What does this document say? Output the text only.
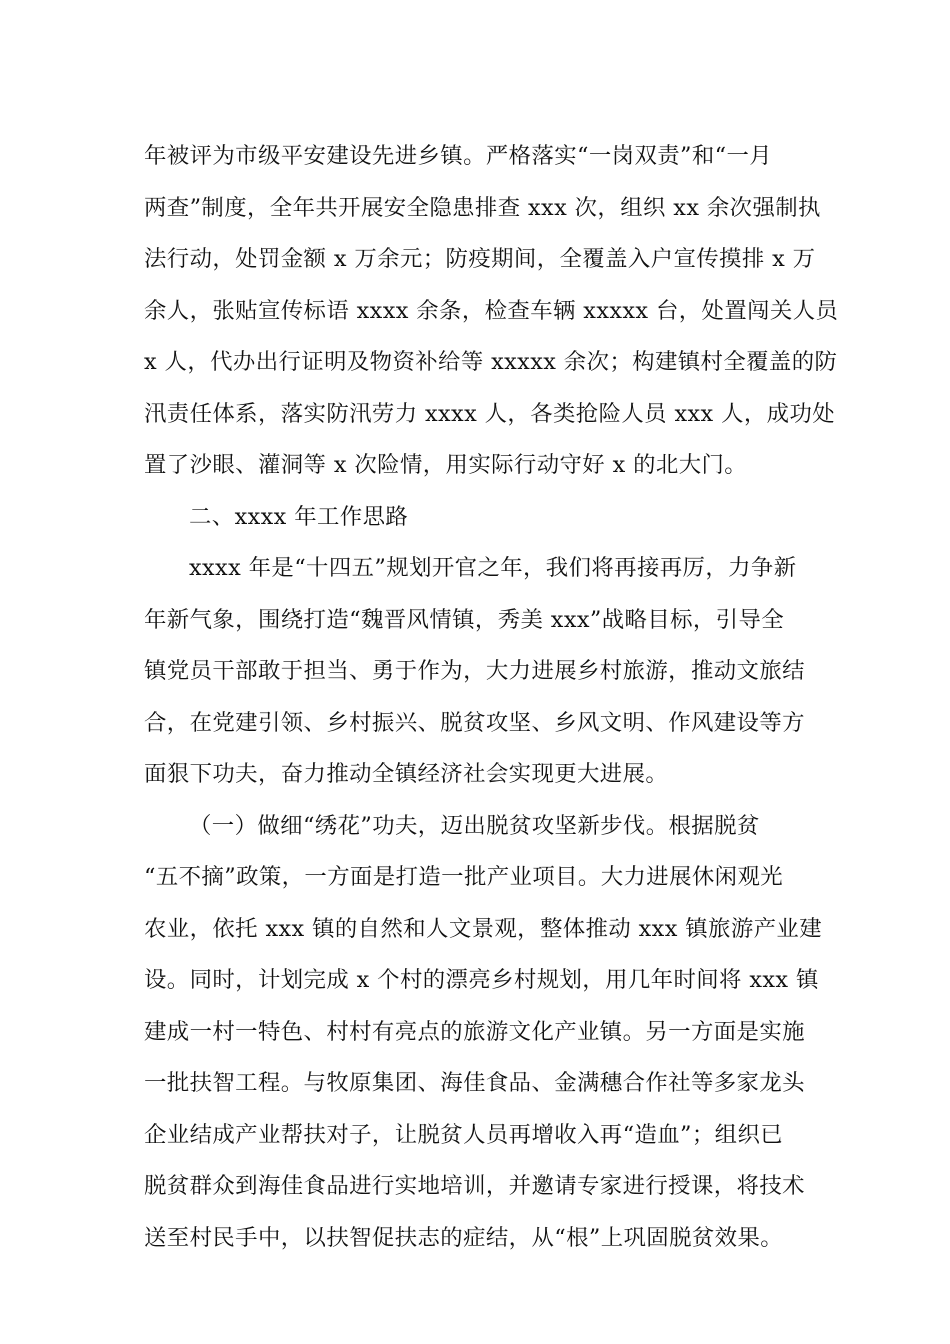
年被评为市级平安建设先进乡镇。严格落实“一岗双责”和“一月
两查”制度，全年共开展安全隐患排查 xxx 次，组织 xx 余次强制执
法行动，处罚金额 x 万余元；防疫期间，全覆盖入户宣传摸排 x 万
余人，张贴宣传标语 xxxx 余条，检查车辆 xxxxx 台，处置闯关人员
x 人，代办出行证明及物资补给等 xxxxx 余次；构建镇村全覆盖的防
汛责任体系，落实防汛劳力 xxxx 人，各类抢险人员 xxx 人，成功处
置了沙眼、灌洞等 x 次险情，用实际行动守好 x 的北大门。
二、xxxx 年工作思路
xxxx 年是“十四五”规划开官之年，我们将再接再厉，力争新
年新气象，围绕打造“魏晋风情镇，秀美 xxx”战略目标，引导全
镇党员干部敢于担当、勇于作为，大力进展乡村旅游，推动文旅结
合，在党建引领、乡村振兴、脱贫攻坚、乡风文明、作风建设等方
面狠下功夫，奋力推动全镇经济社会实现更大进展。
（一）做细“绣花”功夫，迈出脱贫攻坚新步伐。根据脱贫
“五不摘”政策，一方面是打造一批产业项目。大力进展休闲观光
农业，依托 xxx 镇的自然和人文景观，整体推动 xxx 镇旅游产业建
设。同时，计划完成 x 个村的漂亮乡村规划，用几年时间将 xxx 镇
建成一村一特色、村村有亮点的旅游文化产业镇。另一方面是实施
一批扶智工程。与牧原集团、海佳食品、金满穗合作社等多家龙头
企业结成产业帮扶对子，让脱贫人员再增收入再“造血”；组织已
脱贫群众到海佳食品进行实地培训，并邀请专家进行授课，将技术
送至村民手中，以扶智促扶志的症结，从“根”上巩固脱贫效果。
